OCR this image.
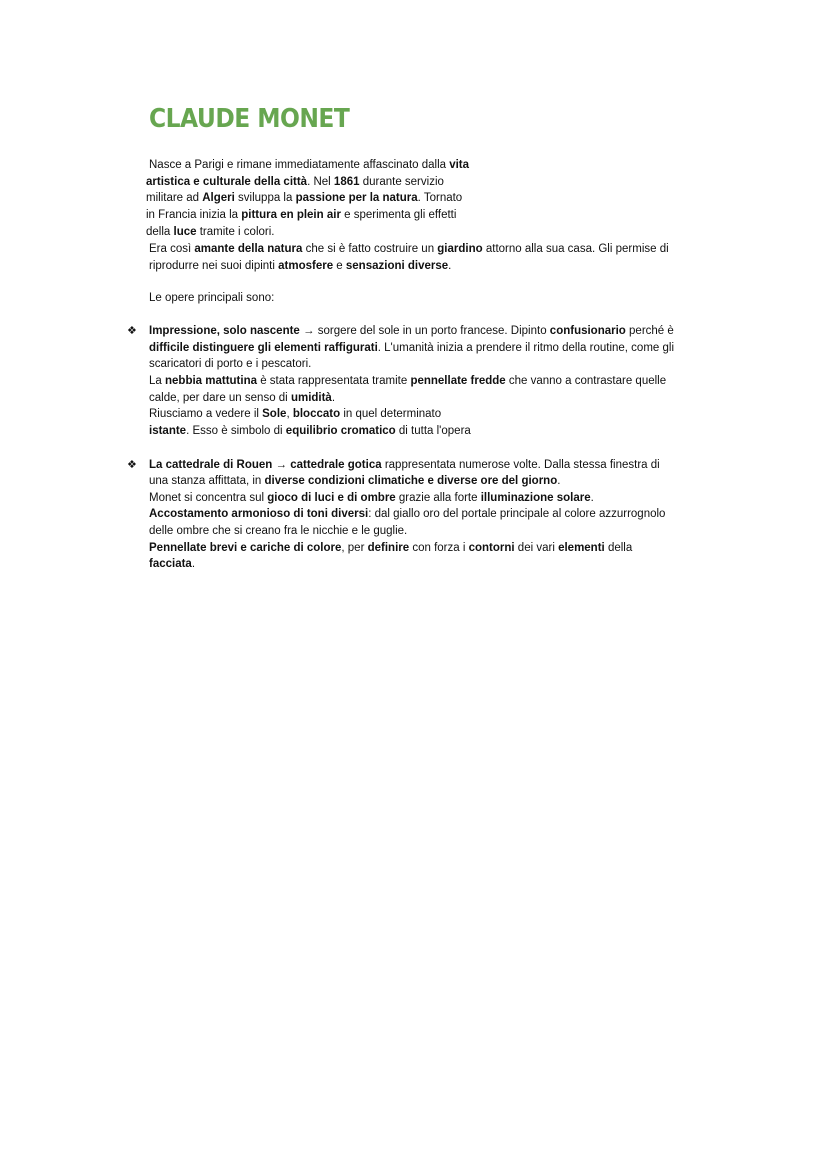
CLAUDE MONET
Nasce a Parigi e rimane immediatamente affascinato dalla vita
artistica e culturale della città. Nel 1861 durante servizio
militare ad Algeri sviluppa la passione per la natura. Tornato
in Francia inizia la pittura en plein air e sperimenta gli effetti
della luce tramite i colori.
Era così amante della natura che si è fatto costruire un giardino attorno alla sua casa. Gli permise di
riprodurre nei suoi dipinti atmosfere e sensazioni diverse.
Le opere principali sono:
❖ Impressione, solo nascente → sorgere del sole in un porto francese. Dipinto confusionario perché è
difficile distinguere gli elementi raffigurati. L'umanità inizia a prendere il ritmo della routine, come gli
scaricatori di porto e i pescatori.
La nebbia mattutina è stata rappresentata tramite pennellate fredde che vanno a contrastare quelle
calde, per dare un senso di umidità.
Riusciamo a vedere il Sole, bloccato in quel determinato
istante. Esso è simbolo di equilibrio cromatico di tutta l'opera
❖ La cattedrale di Rouen → cattedrale gotica rappresentata numerose volte. Dalla stessa finestra di
una stanza affittata, in diverse condizioni climatiche e diverse ore del giorno.
Monet si concentra sul gioco di luci e di ombre grazie alla forte illuminazione solare.
Accostamento armonioso di toni diversi: dal giallo oro del portale principale al colore azzurrognolo
delle ombre che si creano fra le nicchie e le guglie.
Pennellate brevi e cariche di colore, per definire con forza i contorni dei vari elementi della
facciata.
